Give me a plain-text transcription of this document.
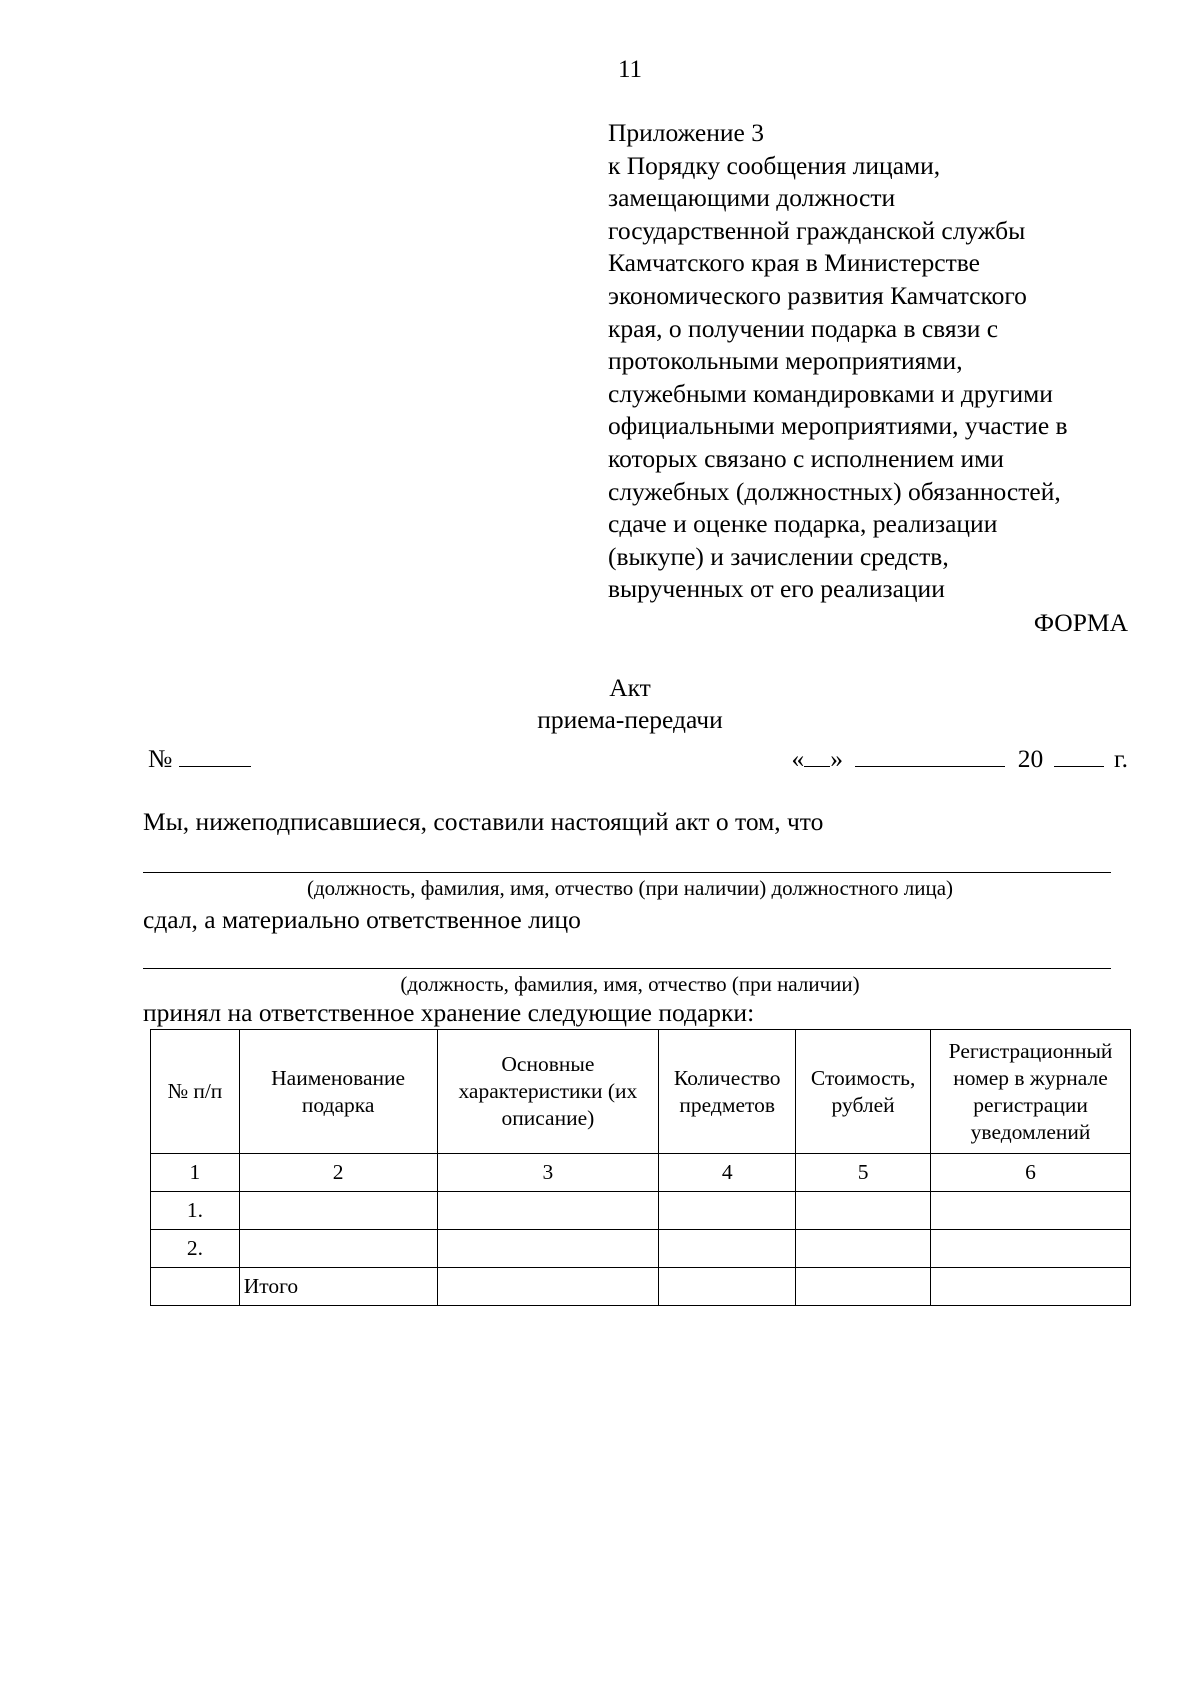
11
Приложение 3
к Порядку сообщения лицами,
замещающими должности
государственной гражданской службы
Камчатского края в Министерстве
экономического развития Камчатского
края, о получении подарка в связи с
протокольными мероприятиями,
служебными командировками и другими
официальными мероприятиями, участие в
которых связано с исполнением ими
служебных (должностных) обязанностей,
сдаче и оценке подарка, реализации
(выкупе) и зачислении средств,
вырученных от его реализации
ФОРМА
Акт
приема-передачи
№	« »	20	г.
Мы, нижеподписавшиеся, составили настоящий акт о том, что
(должность, фамилия, имя, отчество (при наличии) должностного лица)
сдал, а материально ответственное лицо
(должность, фамилия, имя, отчество (при наличии)
принял на ответственное хранение следующие подарки:
№ п/п	Наименование подарка	Основные характеристики (их описание)	Количество предметов	Стоимость, рублей	Регистрационный номер в журнале регистрации уведомлений
1	2	3	4	5	6
1.					
2.					
	Итого				
